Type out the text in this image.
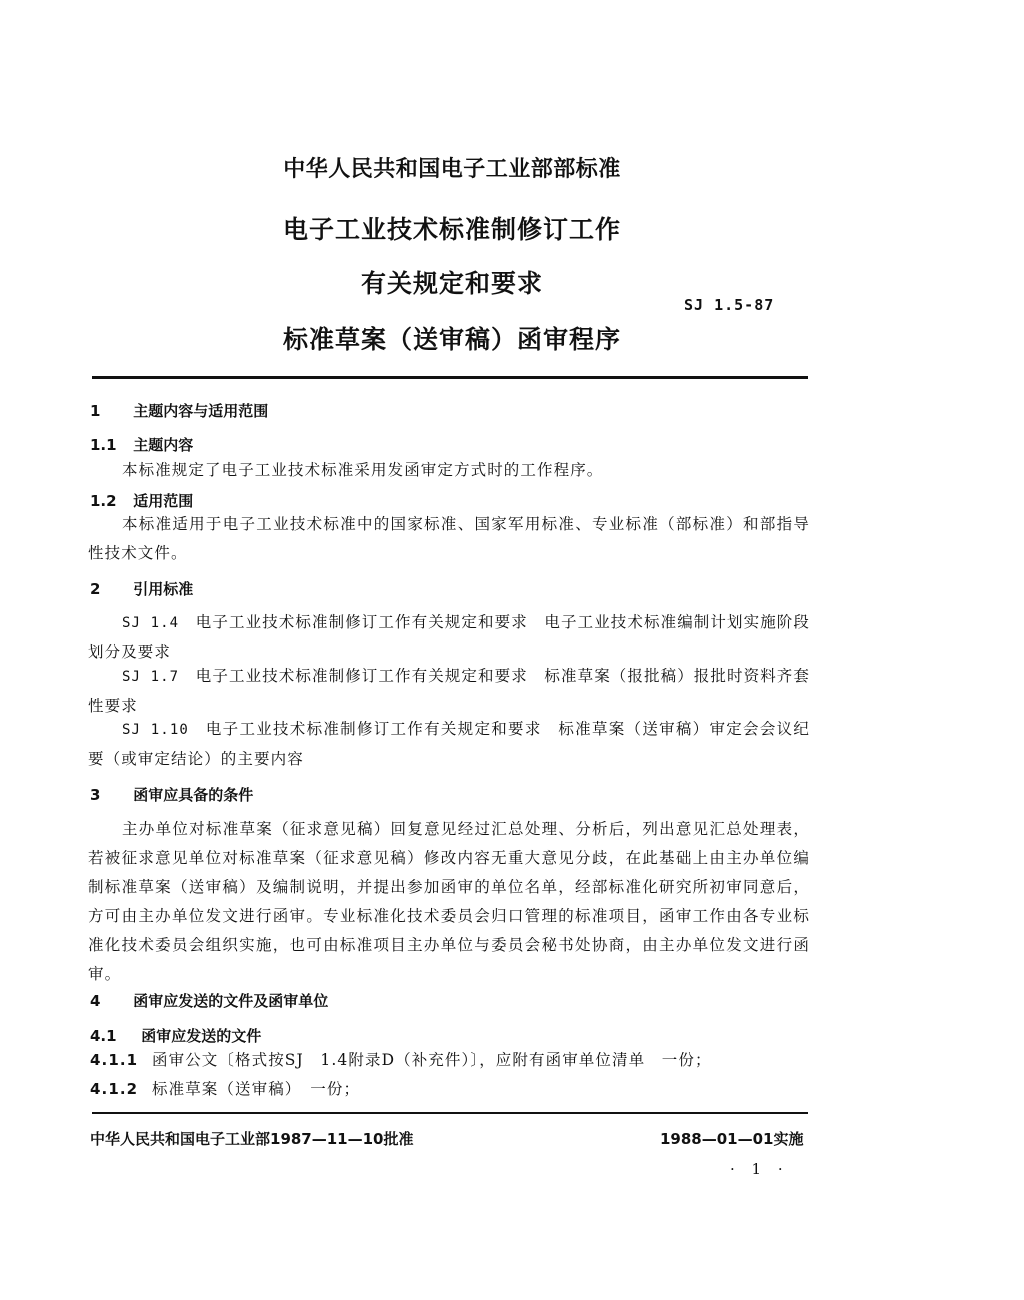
中华人民共和国电子工业部部标准
电子工业技术标准制修订工作
有关规定和要求
标准草案（送审稿）函审程序
SJ 1.5-87
1 主题内容与适用范围
1.1 主题内容
本标准规定了电子工业技术标准采用发函审定方式时的工作程序。
1.2 适用范围
本标准适用于电子工业技术标准中的国家标准、国家军用标准、专业标准（部标准）和部指导性技术文件。
2 引用标准
SJ 1.4　 电子工业技术标准制修订工作有关规定和要求　电子工业技术标准编制计划实施阶段划分及要求
SJ 1.7　 电子工业技术标准制修订工作有关规定和要求　标准草案（报批稿）报批时资料齐套性要求
SJ 1.10　 电子工业技术标准制修订工作有关规定和要求　标准草案（送审稿）审定会会议纪要（或审定结论）的主要内容
3 函审应具备的条件
主办单位对标准草案（征求意见稿）回复意见经过汇总处理、分析后，列出意见汇总处理表，若被征求意见单位对标准草案（征求意见稿）修改内容无重大意见分歧，在此基础上由主办单位编制标准草案（送审稿）及编制说明，并提出参加函审的单位名单，经部标准化研究所初审同意后，方可由主办单位发文进行函审。专业标准化技术委员会归口管理的标准项目，函审工作由各专业标准化技术委员会组织实施，也可由标准项目主办单位与委员会秘书处协商，由主办单位发文进行函审。
4 函审应发送的文件及函审单位
4.1 函审应发送的文件
4.1.1 函审公文〔格式按SJ　1.4附录D（补充件）〕，应附有函审单位清单　一份；
4.1.2 标准草案（送审稿）　一份；
中华人民共和国电子工业部1987—11—10批准	1988—01—01实施
· 1 ·
